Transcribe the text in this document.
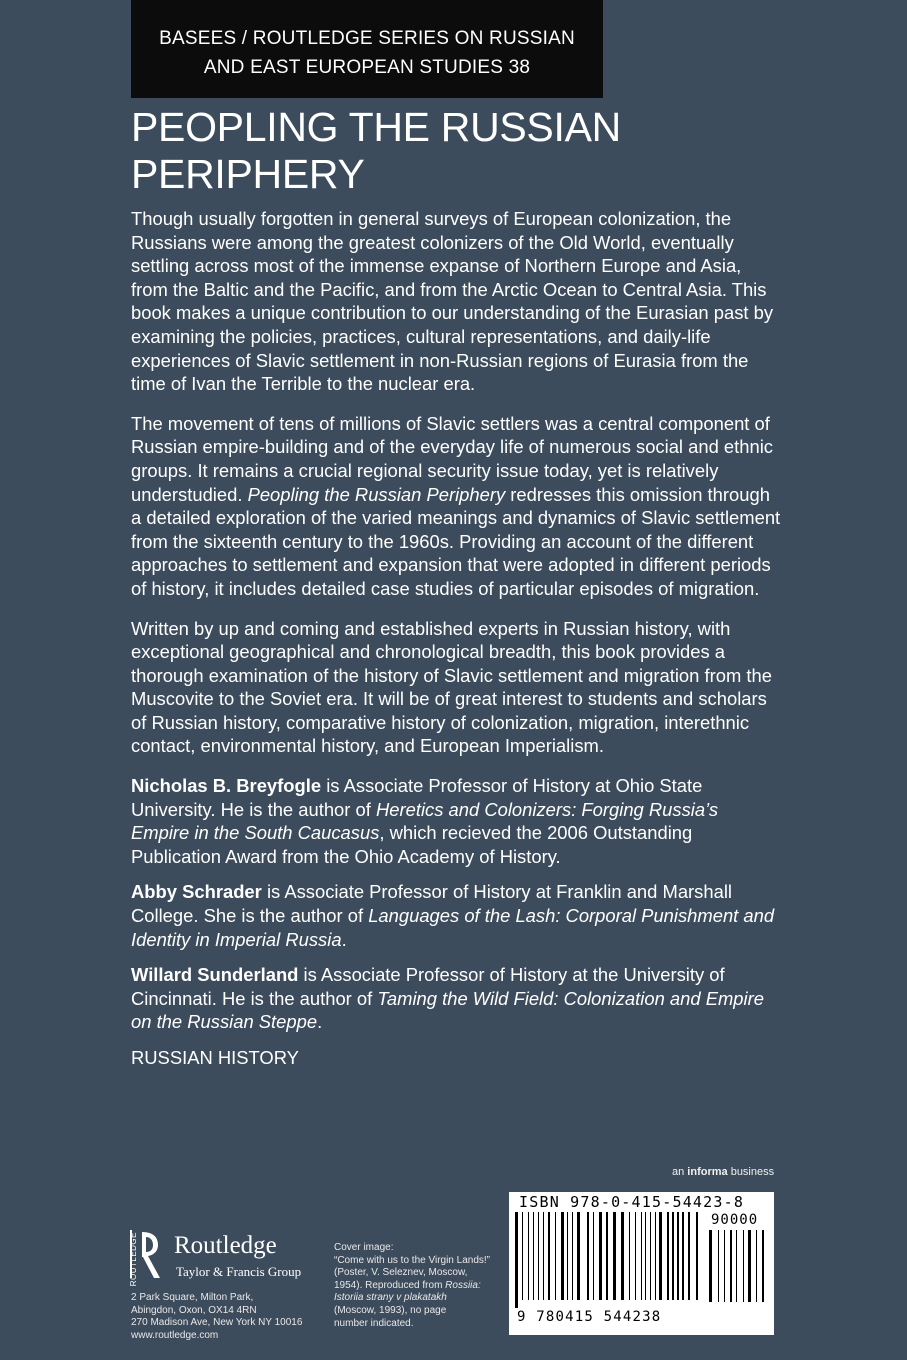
BASEES / ROUTLEDGE SERIES ON RUSSIAN
AND EAST EUROPEAN STUDIES 38
PEOPLING THE RUSSIAN
PERIPHERY

Though usually forgotten in general surveys of European colonization, the Russians were among the greatest colonizers of the Old World, eventually settling across most of the immense expanse of Northern Europe and Asia, from the Baltic and the Pacific, and from the Arctic Ocean to Central Asia. This book makes a unique contribution to our understanding of the Eurasian past by examining the policies, practices, cultural representations, and daily-life experiences of Slavic settlement in non-Russian regions of Eurasia from the time of Ivan the Terrible to the nuclear era.

The movement of tens of millions of Slavic settlers was a central component of Russian empire-building and of the everyday life of numerous social and ethnic groups. It remains a crucial regional security issue today, yet is relatively understudied. Peopling the Russian Periphery redresses this omission through a detailed exploration of the varied meanings and dynamics of Slavic settlement from the sixteenth century to the 1960s. Providing an account of the different approaches to settlement and expansion that were adopted in different periods of history, it includes detailed case studies of particular episodes of migration.

Written by up and coming and established experts in Russian history, with exceptional geographical and chronological breadth, this book provides a thorough examination of the history of Slavic settlement and migration from the Muscovite to the Soviet era. It will be of great interest to students and scholars of Russian history, comparative history of colonization, migration, interethnic contact, environmental history, and European Imperialism.

Nicholas B. Breyfogle is Associate Professor of History at Ohio State University. He is the author of Heretics and Colonizers: Forging Russia’s Empire in the South Caucasus, which recieved the 2006 Outstanding Publication Award from the Ohio Academy of History.

Abby Schrader is Associate Professor of History at Franklin and Marshall College. She is the author of Languages of the Lash: Corporal Punishment and Identity in Imperial Russia.

Willard Sunderland is Associate Professor of History at the University of Cincinnati. He is the author of Taming the Wild Field: Colonization and Empire on the Russian Steppe.

RUSSIAN HISTORY

an informa business
ISBN 978-0-415-54423-8
90000
9 780415 544238
ROUTLEDGE Routledge
Taylor & Francis Group
2 Park Square, Milton Park,
Abingdon, Oxon, OX14 4RN
270 Madison Ave, New York NY 10016
www.routledge.com
Cover image:
“Come with us to the Virgin Lands!”
(Poster, V. Seleznev, Moscow,
1954). Reproduced from Rossiia:
Istoriia strany v plakatakh
(Moscow, 1993), no page
number indicated.
